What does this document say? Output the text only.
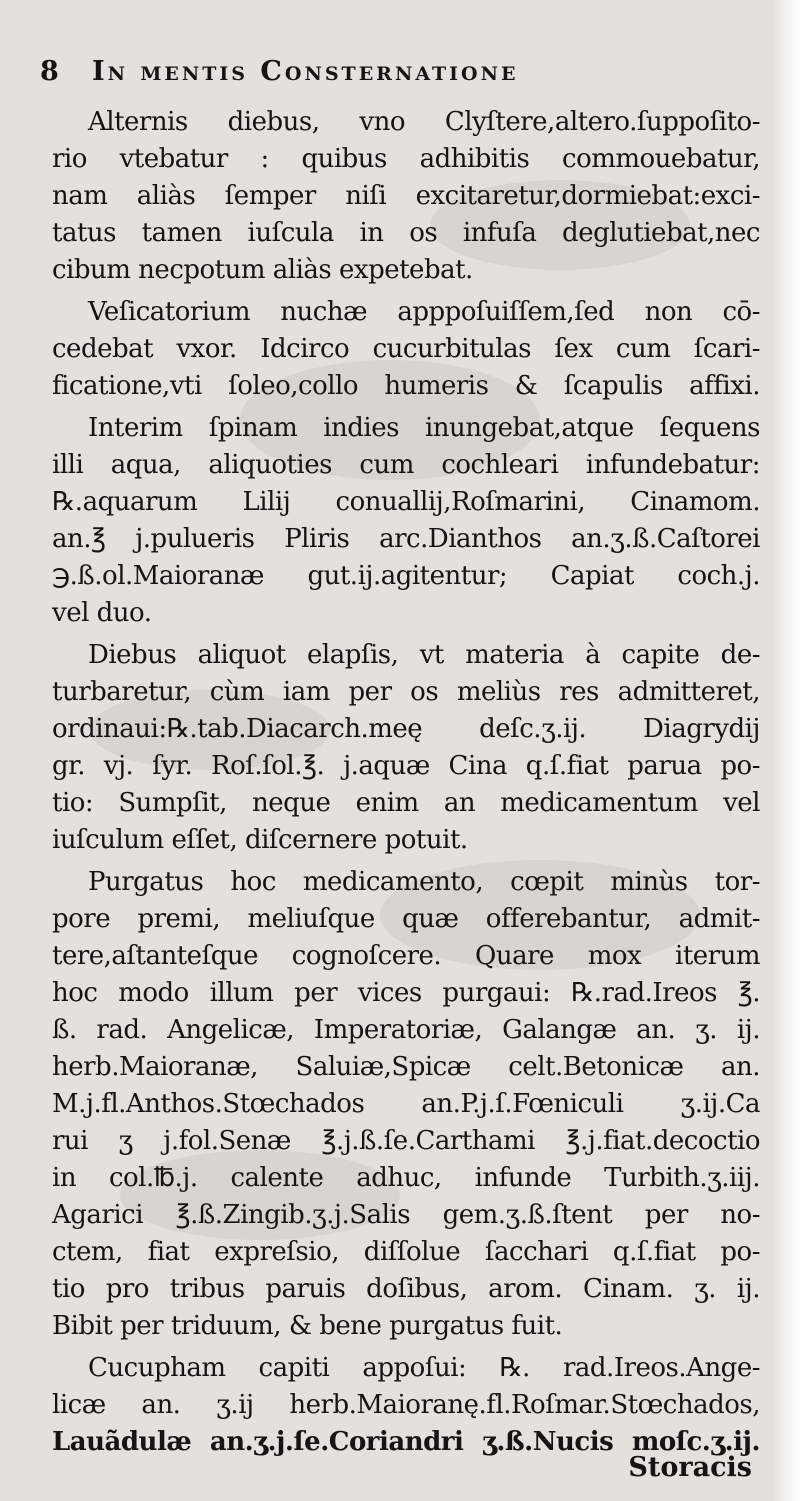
8 In mentis Consternatione
Alternis diebus, vno Clyſtere,altero.ſuppoſito-
rio vtebatur : quibus adhibitis commouebatur,
nam aliàs ſemper niſi excitaretur,dormiebat:exci-
tatus tamen iuſcula in os infuſa deglutiebat,nec
cibum necpotum aliàs expetebat.
Veſicatorium nuchæ apppoſuiſſem,ſed non cō-
cedebat vxor. Idcirco cucurbitulas ſex cum ſcari-
ficatione,vti ſoleo,collo humeris & ſcapulis affixi.
Interim ſpinam indies inungebat,atque ſequens
illi aqua, aliquoties cum cochleari infundebatur:
℞.aquarum Lilij conuallij,Roſmarini, Cinamom.
an.℥ j.pulueris Pliris arc.Dianthos an.ʒ.ß.Caſtorei
℈.ß.ol.Maioranæ gut.ij.agitentur; Capiat coch.j.
vel duo.
Diebus aliquot elapſis, vt materia à capite de-
turbaretur, cùm iam per os meliùs res admitteret,
ordinaui:℞.tab.Diacarch.meę deſc.ʒ.ij. Diagrydij
gr. vj. ſyr. Roſ.ſol.℥. j.aquæ Cina q.ſ.fiat parua po-
tio: Sumpſit, neque enim an medicamentum vel
iuſculum eſſet, diſcernere potuit.
Purgatus hoc medicamento, cœpit minùs tor-
pore premi, meliuſque quæ offerebantur, admit-
tere,aſtanteſque cognoſcere. Quare mox iterum
hoc modo illum per vices purgaui: ℞.rad.Ireos ℥.
ß. rad. Angelicæ, Imperatoriæ, Galangæ an. ʒ. ij.
herb.Maioranæ, Saluiæ,Spicæ celt.Betonicæ an.
M.j.fl.Anthos.Stœchados an.P.j.ſ.Fœniculi ʒ.ij.Ca
rui ʒ j.fol.Senæ ℥.j.ß.ſe.Carthami ℥.j.fiat.decoctio
in col.℔.j. calente adhuc, infunde Turbith.ʒ.iij.
Agarici ℥.ß.Zingib.ʒ.j.Salis gem.ʒ.ß.ſtent per no-
ctem, fiat expreſsio, diſſolue ſacchari q.ſ.fiat po-
tio pro tribus paruis doſibus, arom. Cinam. ʒ. ij.
Bibit per triduum, & bene purgatus fuit.
Cucupham capiti appoſui: ℞. rad.Ireos.Ange-
licæ an. ʒ.ij herb.Maioranę.fl.Roſmar.Stœchados,
Lauãdulæ an.ʒ.j.ſe.Coriandri ʒ.ß.Nucis moſc.ʒ.ij.
Storacis
